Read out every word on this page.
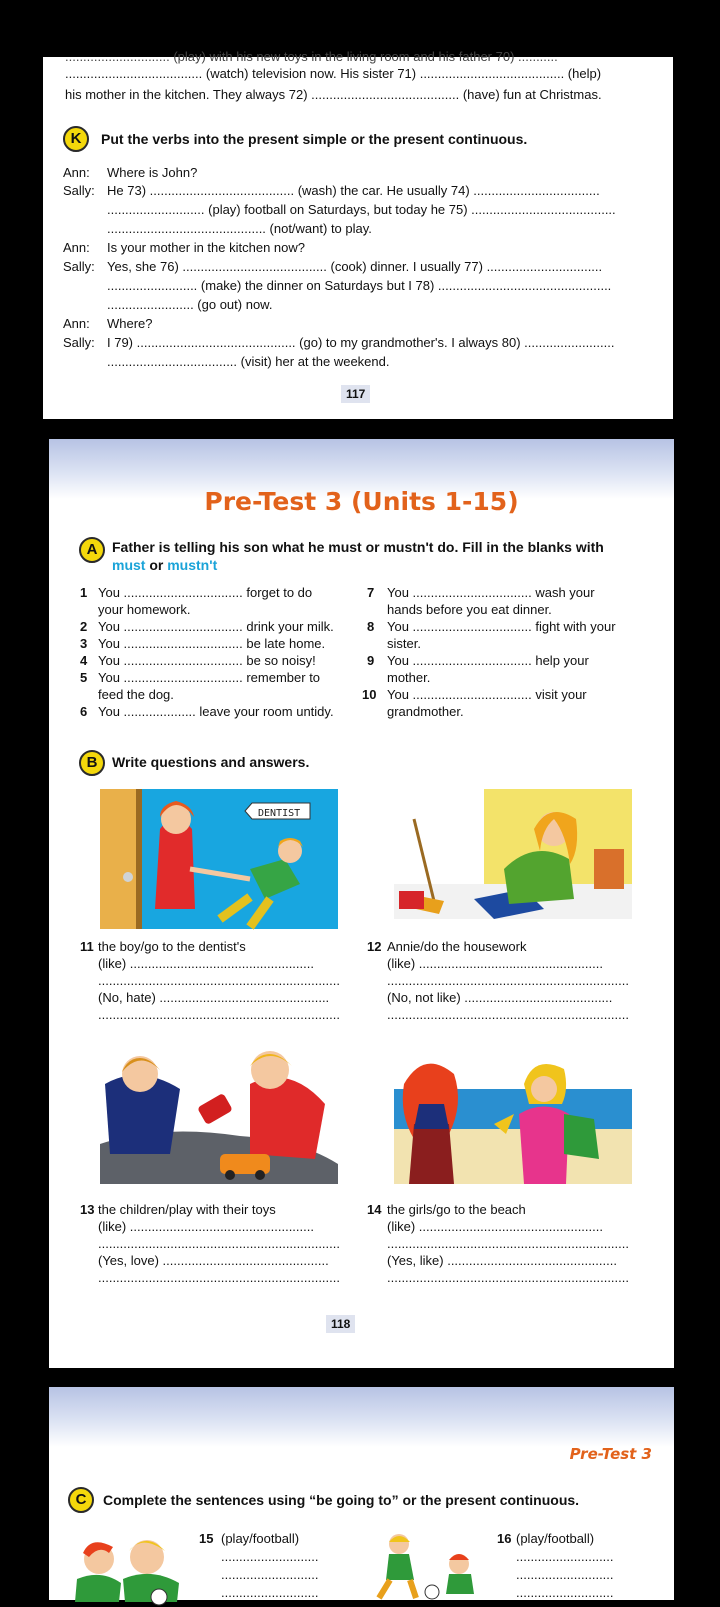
............................. (play) with his new toys in the living room and his father 70) ...........
...................................... (watch) television now. His sister 71) ........................................ (help)
his mother in the kitchen. They always 72) ......................................... (have) fun at Christmas.
K	Put the verbs into the present simple or the present continuous.
Ann: Where is John?
Sally: He 73) ........................................ (wash) the car. He usually 74) ...................................
........................... (play) football on Saturdays, but today he 75) ........................................
............................................ (not/want) to play.
Ann: Is your mother in the kitchen now?
Sally: Yes, she 76) ........................................ (cook) dinner. I usually 77) ................................
......................... (make) the dinner on Saturdays but I 78) ................................................
........................ (go out) now.
Ann: Where?
Sally: I 79) ............................................ (go) to my grandmother's. I always 80) .........................
.................................... (visit) her at the weekend.
117
Pre-Test 3 (Units 1-15)
A	Father is telling his son what he must or mustn't do. Fill in the blanks with
must or mustn't
1 You ................................. forget to do
your homework.
2 You ................................. drink your milk.
3 You ................................. be late home.
4 You ................................. be so noisy!
5 You ................................. remember to
feed the dog.
6 You .................... leave your room untidy.
7 You ................................. wash your
hands before you eat dinner.
8 You ................................. fight with your
sister.
9 You ................................. help your
mother.
10 You ................................. visit your
grandmother.
B	Write questions and answers.
DENTIST
11 the boy/go to the dentist's
(like) ...................................................
...................................................................
(No, hate) ...............................................
...................................................................
12 Annie/do the housework
(like) ...................................................
...................................................................
(No, not like) .........................................
...................................................................
13 the children/play with their toys
(like) ...................................................
...................................................................
(Yes, love) ..............................................
...................................................................
14 the girls/go to the beach
(like) ...................................................
...................................................................
(Yes, like) ...............................................
...................................................................
118
Pre-Test 3
C	Complete the sentences using “be going to” or the present continuous.
15 (play/football)
...........................
...........................
...........................
16 (play/football)
...........................
...........................
...........................
